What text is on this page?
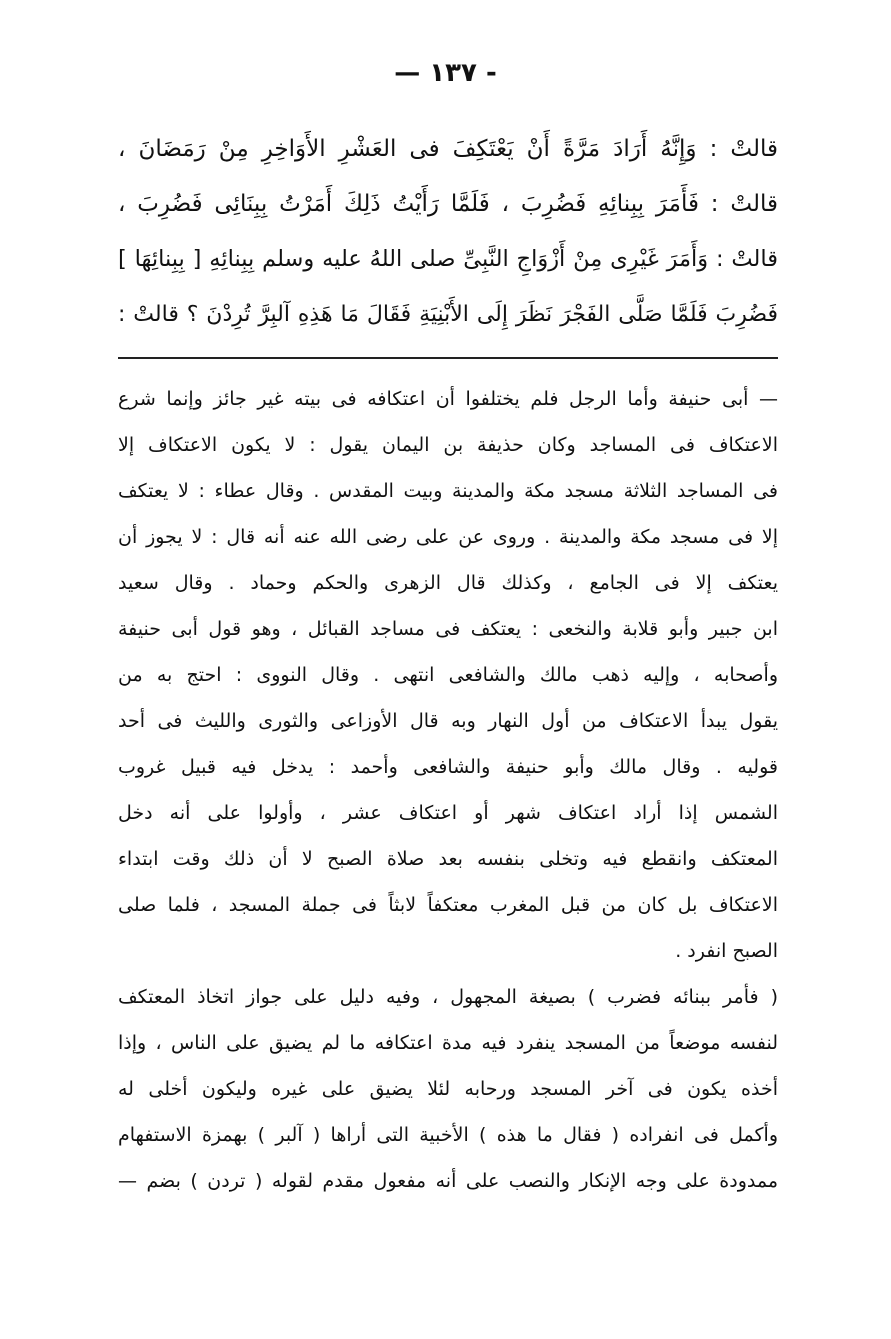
- ١٣٧ —
قالتْ : وَإِنَّهُ أَرَادَ مَرَّةً أَنْ يَعْتَكِفَ فى العَشْرِ الأَوَاخِرِ مِنْ رَمَضَانَ ،
قالتْ : فَأَمَرَ بِبِنائِهِ فَضُرِبَ ، فَلَمَّا رَأَيْتُ ذَلِكَ أَمَرْتُ بِبِنَائِى فَضُرِبَ ،
قالتْ : وَأَمَرَ غَيْرِى مِنْ أَزْوَاجِ النَّبِىِّ صلى اللهُ عليه وسلم بِبِنائِهِ [ بِبِنائِهَا ]
فَضُرِبَ فَلَمَّا صَلَّى الفَجْرَ نَظَرَ إِلَى الأَبْنِيَةِ فَقَالَ مَا هَذِهِ آلبِرَّ تُرِدْنَ ؟ قالتْ :
— أبى حنيفة وأما الرجل فلم يختلفوا أن اعتكافه فى بيته غير جائز وإنما شرع
الاعتكاف فى المساجد وكان حذيفة بن اليمان يقول : لا يكون الاعتكاف إلا
فى المساجد الثلاثة مسجد مكة والمدينة وبيت المقدس . وقال عطاء : لا يعتكف
إلا فى مسجد مكة والمدينة . وروى عن على رضى الله عنه أنه قال : لا يجوز أن
يعتكف إلا فى الجامع ، وكذلك قال الزهرى والحكم وحماد . وقال سعيد
ابن جبير وأبو قلابة والنخعى : يعتكف فى مساجد القبائل ، وهو قول أبى حنيفة
وأصحابه ، وإليه ذهب مالك والشافعى انتهى . وقال النووى : احتج به من
يقول يبدأ الاعتكاف من أول النهار وبه قال الأوزاعى والثورى والليث فى أحد
قوليه . وقال مالك وأبو حنيفة والشافعى وأحمد : يدخل فيه قبيل غروب
الشمس إذا أراد اعتكاف شهر أو اعتكاف عشر ، وأولوا على أنه دخل
المعتكف وانقطع فيه وتخلى بنفسه بعد صلاة الصبح لا أن ذلك وقت ابتداء
الاعتكاف بل كان من قبل المغرب معتكفاً لابثاً فى جملة المسجد ، فلما صلى
الصبح انفرد .
( فأمر ببنائه فضرب ) بصيغة المجهول ، وفيه دليل على جواز اتخاذ المعتكف
لنفسه موضعاً من المسجد ينفرد فيه مدة اعتكافه ما لم يضيق على الناس ، وإذا
أخذه يكون فى آخر المسجد ورحابه لئلا يضيق على غيره وليكون أخلى له
وأكمل فى انفراده ( فقال ما هذه ) الأخبية التى أراها ( آلبر ) بهمزة الاستفهام
ممدودة على وجه الإنكار والنصب على أنه مفعول مقدم لقوله ( تردن ) بضم —
